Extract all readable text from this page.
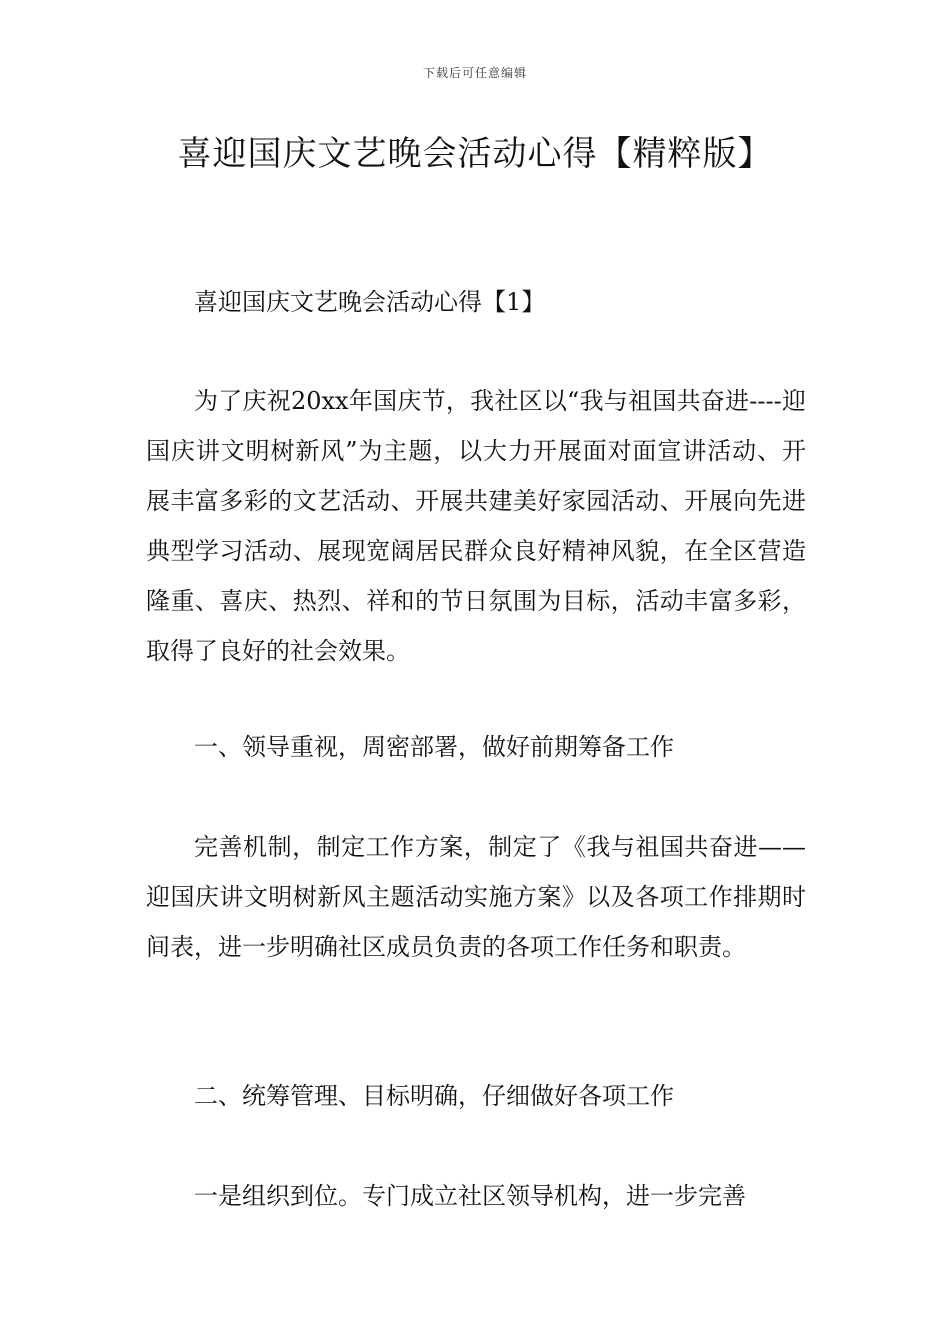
下载后可任意编辑
喜迎国庆文艺晚会活动心得【精粹版】

喜迎国庆文艺晚会活动心得【1】

为了庆祝20xx年国庆节，我社区以“我与祖国共奋进----迎国庆讲文明树新风”为主题，以大力开展面对面宣讲活动、开展丰富多彩的文艺活动、开展共建美好家园活动、开展向先进典型学习活动、展现宽阔居民群众良好精神风貌，在全区营造隆重、喜庆、热烈、祥和的节日氛围为目标，活动丰富多彩，取得了良好的社会效果。

一、领导重视，周密部署，做好前期筹备工作

完善机制，制定工作方案，制定了《我与祖国共奋进——迎国庆讲文明树新风主题活动实施方案》以及各项工作排期时间表，进一步明确社区成员负责的各项工作任务和职责。

二、统筹管理、目标明确，仔细做好各项工作

一是组织到位。专门成立社区领导机构，进一步完善
